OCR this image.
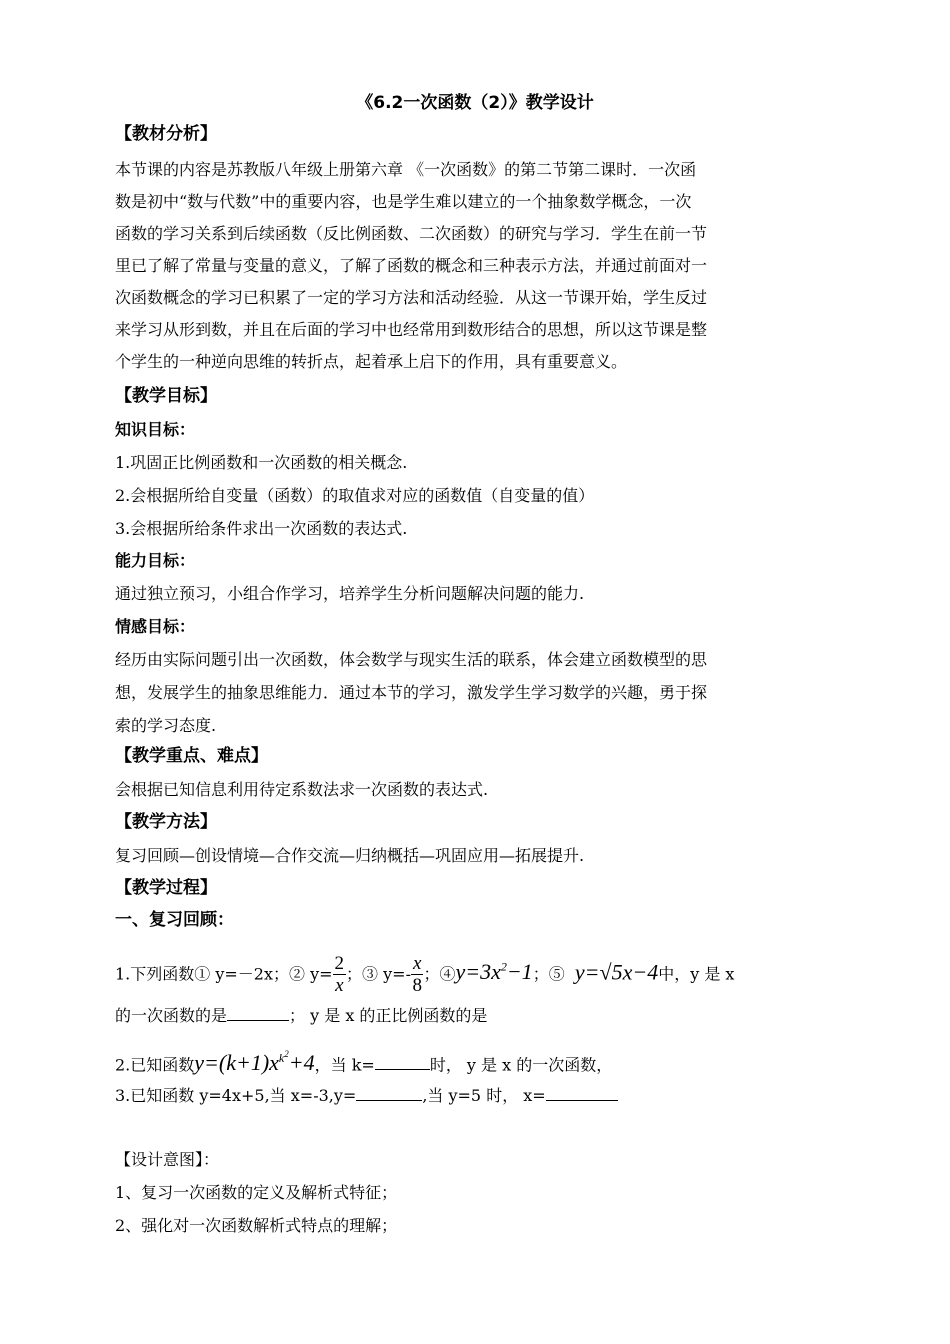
《6.2一次函数（2）》教学设计
【教材分析】
本节课的内容是苏教版八年级上册第六章 《一次函数》的第二节第二课时．一次函
数是初中“数与代数”中的重要内容，也是学生难以建立的一个抽象数学概念，一次
函数的学习关系到后续函数（反比例函数、二次函数）的研究与学习．学生在前一节
里已了解了常量与变量的意义，了解了函数的概念和三种表示方法，并通过前面对一
次函数概念的学习已积累了一定的学习方法和活动经验．从这一节课开始，学生反过
来学习从形到数，并且在后面的学习中也经常用到数形结合的思想，所以这节课是整
个学生的一种逆向思维的转折点，起着承上启下的作用，具有重要意义。
【教学目标】
知识目标：
1.巩固正比例函数和一次函数的相关概念.
2.会根据所给自变量（函数）的取值求对应的函数值（自变量的值）
3.会根据所给条件求出一次函数的表达式.
能力目标：
通过独立预习，小组合作学习，培养学生分析问题解决问题的能力.
情感目标：
经历由实际问题引出一次函数，体会数学与现实生活的联系，体会建立函数模型的思
想，发展学生的抽象思维能力．通过本节的学习，激发学生学习数学的兴趣，勇于探
索的学习态度.
【教学重点、难点】
会根据已知信息利用待定系数法求一次函数的表达式.
【教学方法】
复习回顾—创设情境—合作交流—归纳概括—巩固应用—拓展提升.
【教学过程】
一、复习回顾：
1.下列函数① y=－2x；② $y= \frac{2}{x}$ ；③ $y=- \frac{x}{8}$ ；$④y=3x^2-1$；⑤ y=√5x−4中，y 是 x
的一次函数的是	； y 是 x 的正比例函数的是
2.已知函数$y=(k+1)x^{k^2}+4$，当 k=	时， y 是 x 的一次函数，
3.已知函数 y=4x+5,当 x=-3,y=	,当 y=5 时， x=
【设计意图】：
1、复习一次函数的定义及解析式特征；
2、强化对一次函数解析式特点的理解；
